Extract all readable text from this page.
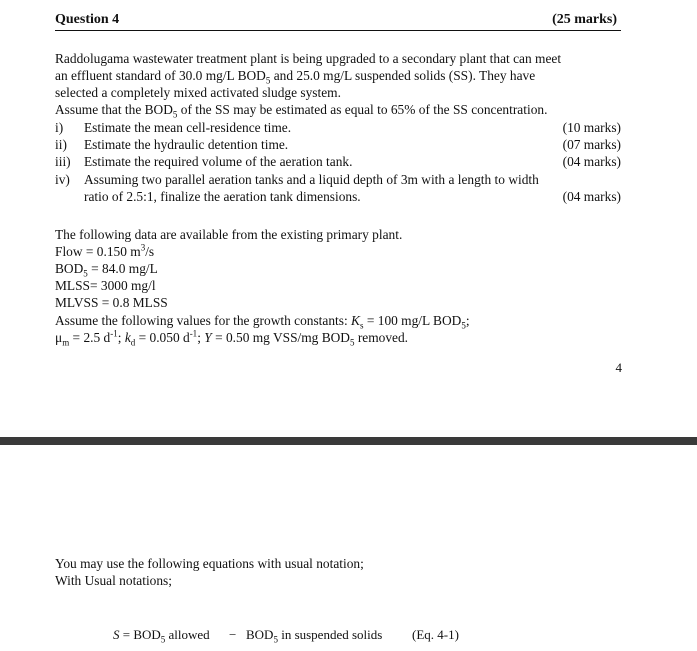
Question 4	(25 marks)
Raddolugama wastewater treatment plant is being upgraded to a secondary plant that can meet
an effluent standard of 30.0 mg/L $BOD_5$ and 25.0 mg/L suspended solids (SS). They have
selected a completely mixed activated sludge system.
Assume that the $BOD_5$ of the SS may be estimated as equal to 65% of the SS concentration.
i) Estimate the mean cell-residence time.	(10 marks)
ii) Estimate the hydraulic detention time.	(07 marks)
iii) Estimate the required volume of the aeration tank.	(04 marks)
iv) Assuming two parallel aeration tanks and a liquid depth of 3m with a length to width
ratio of 2.5:1, finalize the aeration tank dimensions.	(04 marks)
The following data are available from the existing primary plant.
Flow = 0.150 $m^3/s$
$BOD_5 = 84.0$ mg/L
MLSS= 3000 mg/l
MLVSS = 0.8 MLSS
Assume the following values for the growth constants: $K_s = 100$ mg/L $BOD_5$;
$\mu_m = 2.5$ $d^{-1}$; $k_d = 0.050$ $d^{-1}$; Y = 0.50 mg VSS/mg $BOD_5$ removed.
4
You may use the following equations with usual notation;
With Usual notations;
$S = BOD_5$ allowed − $BOD_5$ in suspended solids (Eq. 4-1)
